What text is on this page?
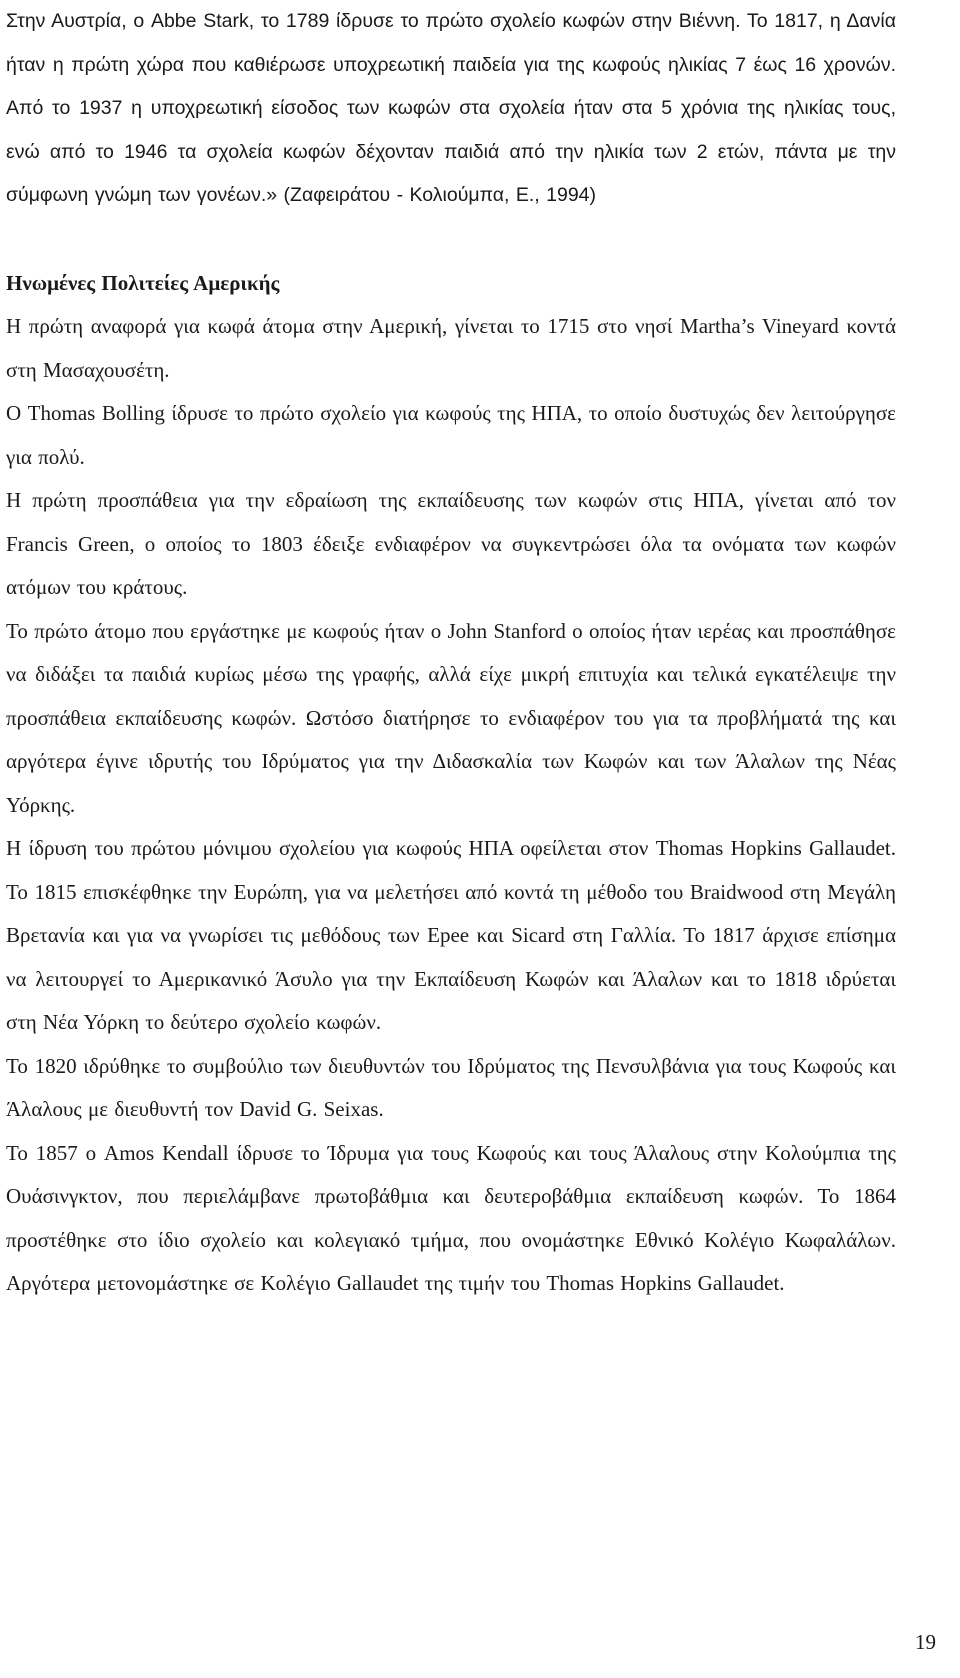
Στην Αυστρία, ο Abbe Stark, το 1789 ίδρυσε το πρώτο σχολείο κωφών στην Βιέννη. Το 1817, η Δανία ήταν η πρώτη χώρα που καθιέρωσε υποχρεωτική παιδεία για της κωφούς ηλικίας 7 έως 16 χρονών. Από το 1937 η υποχρεωτική είσοδος των κωφών στα σχολεία ήταν στα 5 χρόνια της ηλικίας τους, ενώ από το 1946 τα σχολεία κωφών δέχονταν παιδιά από την ηλικία των 2 ετών, πάντα με την σύμφωνη γνώμη των γονέων.» (Ζαφειράτου - Κολιούμπα, Ε., 1994)

Ηνωμένες Πολιτείες Αμερικής

Η πρώτη αναφορά για κωφά άτομα στην Αμερική, γίνεται το 1715 στο νησί Martha’s Vineyard κοντά στη Μασαχουσέτη.

Ο Thomas Bolling ίδρυσε το πρώτο σχολείο για κωφούς της ΗΠΑ, το οποίο δυστυχώς δεν λειτούργησε για πολύ.

Η πρώτη προσπάθεια για την εδραίωση της εκπαίδευσης των κωφών στις ΗΠΑ, γίνεται από τον Francis Green, ο οποίος το 1803 έδειξε ενδιαφέρον να συγκεντρώσει όλα τα ονόματα των κωφών ατόμων του κράτους.

Το πρώτο άτομο που εργάστηκε με κωφούς ήταν ο John Stanford ο οποίος ήταν ιερέας και προσπάθησε να διδάξει τα παιδιά κυρίως μέσω της γραφής, αλλά είχε μικρή επιτυχία και τελικά εγκατέλειψε την προσπάθεια εκπαίδευσης κωφών. Ωστόσο διατήρησε το ενδιαφέρον του για τα προβλήματά της και αργότερα έγινε ιδρυτής του Ιδρύματος για την Διδασκαλία των Κωφών και των Άλαλων της Νέας Υόρκης.

Η ίδρυση του πρώτου μόνιμου σχολείου για κωφούς ΗΠΑ οφείλεται στον Thomas Hopkins Gallaudet. Το 1815 επισκέφθηκε την Ευρώπη, για να μελετήσει από κοντά τη μέθοδο του Braidwood στη Μεγάλη Βρετανία και για να γνωρίσει τις μεθόδους των Epee και Sicard στη Γαλλία. Το 1817 άρχισε επίσημα να λειτουργεί το Αμερικανικό Άσυλο για την Εκπαίδευση Κωφών και Άλαλων και το 1818 ιδρύεται στη Νέα Υόρκη το δεύτερο σχολείο κωφών.

Το 1820 ιδρύθηκε το συμβούλιο των διευθυντών του Ιδρύματος της Πενσυλβάνια για τους Κωφούς και Άλαλους με διευθυντή τον David G. Seixas.

Το 1857 ο Amos Kendall ίδρυσε το Ίδρυμα για τους Κωφούς και τους Άλαλους στην Κολούμπια της Ουάσινγκτον, που περιελάμβανε πρωτοβάθμια και δευτεροβάθμια εκπαίδευση κωφών. Το 1864 προστέθηκε στο ίδιο σχολείο και κολεγιακό τμήμα, που ονομάστηκε Εθνικό Κολέγιο Κωφαλάλων. Αργότερα μετονομάστηκε σε Κολέγιο Gallaudet της τιμήν του Thomas Hopkins Gallaudet.

19
